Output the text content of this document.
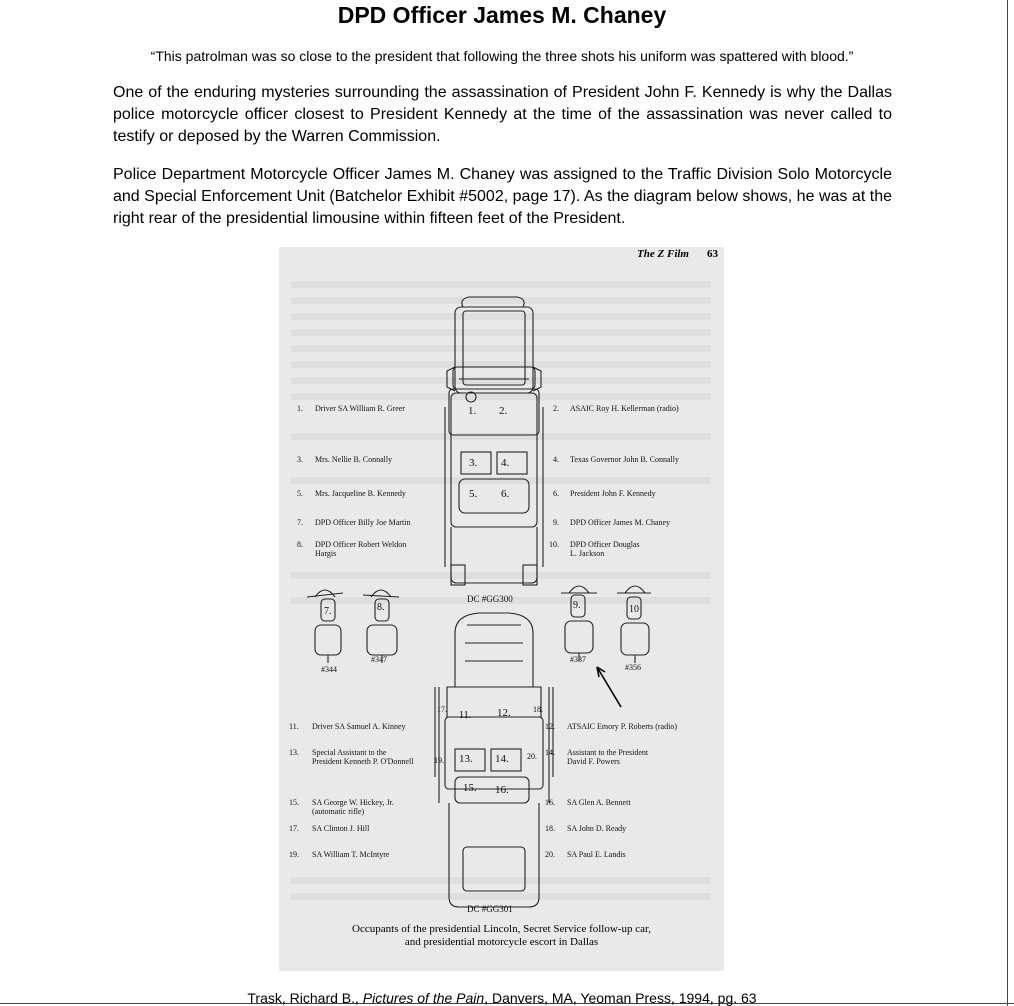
DPD Officer James M. Chaney
“This patrolman was so close to the president that following the three shots his uniform was spattered with blood.”

One of the enduring mysteries surrounding the assassination of President John F. Kennedy is why the Dallas police motorcycle officer closest to President Kennedy at the time of the assassination was never called to testify or deposed by the Warren Commission.

Police Department Motorcycle Officer James M. Chaney was assigned to the Traffic Division Solo Motorcycle and Special Enforcement Unit (Batchelor Exhibit #5002, page 17). As the diagram below shows, he was at the right rear of the presidential limousine within fifteen feet of the President.

The Z Film 63
1. 2.
3. 4.
5. 6.
DC #GG300
7.	8.	9.	10
#344
#347	#337
#356
11. 12.
13. 14.
15. 16.
17.	18.
19.	20.
DC #GG301
1. Driver SA William R. Greer
3. Mrs. Nellie B. Connally
5. Mrs. Jacqueline B. Kennedy
7. DPD Officer Billy Joe Martin
8. DPD Officer Robert Weldon
Hargis
2. ASAIC Roy H. Kellerman (radio)
4. Texas Governor John B. Connally
6. President John F. Kennedy
9. DPD Officer James M. Chaney
10. DPD Officer Douglas
L. Jackson
11. Driver SA Samuel A. Kinney
13. Special Assistant to the
President Kenneth P. O'Donnell
15. SA George W. Hickey, Jr.
(automatic rifle)
17. SA Clinton J. Hill
19. SA William T. McIntyre
12. ATSAIC Emory P. Roberts (radio)
14. Assistant to the President
David F. Powers
16. SA Glen A. Bennett
18. SA John D. Ready
20. SA Paul E. Landis
Occupants of the presidential Lincoln, Secret Service follow-up car,
and presidential motorcycle escort in Dallas
Trask, Richard B., Pictures of the Pain, Danvers, MA, Yeoman Press, 1994, pg. 63
